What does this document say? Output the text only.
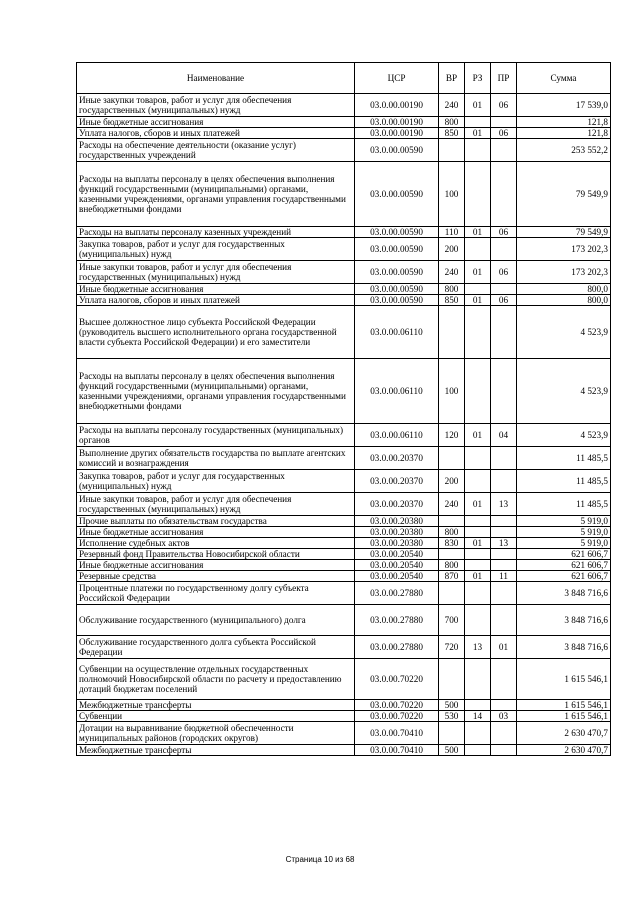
Наименование	ЦСР	ВР	РЗ	ПР	Сумма
Иные закупки товаров, работ и услуг для обеспечения государственных (муниципальных) нужд	03.0.00.00190	240	01	06	17 539,0
Иные бюджетные ассигнования	03.0.00.00190	800			121,8
Уплата налогов, сборов и иных платежей	03.0.00.00190	850	01	06	121,8
Расходы на обеспечение деятельности (оказание услуг) государственных учреждений	03.0.00.00590				253 552,2
Расходы на выплаты персоналу в целях обеспечения выполнения функций государственными (муниципальными) органами, казенными учреждениями, органами управления государственными внебюджетными фондами	03.0.00.00590	100			79 549,9
Расходы на выплаты персоналу казенных учреждений	03.0.00.00590	110	01	06	79 549,9
Закупка товаров, работ и услуг для государственных (муниципальных) нужд	03.0.00.00590	200			173 202,3
Иные закупки товаров, работ и услуг для обеспечения государственных (муниципальных) нужд	03.0.00.00590	240	01	06	173 202,3
Иные бюджетные ассигнования	03.0.00.00590	800			800,0
Уплата налогов, сборов и иных платежей	03.0.00.00590	850	01	06	800,0
Высшее должностное лицо субъекта Российской Федерации (руководитель высшего исполнительного органа государственной власти субъекта Российской Федерации) и его заместители	03.0.00.06110				4 523,9
Расходы на выплаты персоналу в целях обеспечения выполнения функций государственными (муниципальными) органами, казенными учреждениями, органами управления государственными внебюджетными фондами	03.0.00.06110	100			4 523,9
Расходы на выплаты персоналу государственных (муниципальных) органов	03.0.00.06110	120	01	04	4 523,9
Выполнение других обязательств государства по выплате агентских комиссий и вознаграждения	03.0.00.20370				11 485,5
Закупка товаров, работ и услуг для государственных (муниципальных) нужд	03.0.00.20370	200			11 485,5
Иные закупки товаров, работ и услуг для обеспечения государственных (муниципальных) нужд	03.0.00.20370	240	01	13	11 485,5
Прочие выплаты по обязательствам государства	03.0.00.20380				5 919,0
Иные бюджетные ассигнования	03.0.00.20380	800			5 919,0
Исполнение судебных актов	03.0.00.20380	830	01	13	5 919,0
Резервный фонд Правительства Новосибирской области	03.0.00.20540				621 606,7
Иные бюджетные ассигнования	03.0.00.20540	800			621 606,7
Резервные средства	03.0.00.20540	870	01	11	621 606,7
Процентные платежи по государственному долгу субъекта Российской Федерации	03.0.00.27880				3 848 716,6
Обслуживание государственного (муниципального) долга	03.0.00.27880	700			3 848 716,6
Обслуживание государственного долга субъекта Российской Федерации	03.0.00.27880	720	13	01	3 848 716,6
Субвенции на осуществление отдельных государственных полномочий Новосибирской области по расчету и предоставлению дотаций бюджетам поселений	03.0.00.70220				1 615 546,1
Межбюджетные трансферты	03.0.00.70220	500			1 615 546,1
Субвенции	03.0.00.70220	530	14	03	1 615 546,1
Дотации на выравнивание бюджетной обеспеченности муниципальных районов (городских округов)	03.0.00.70410				2 630 470,7
Межбюджетные трансферты	03.0.00.70410	500			2 630 470,7
Страница 10 из 68
